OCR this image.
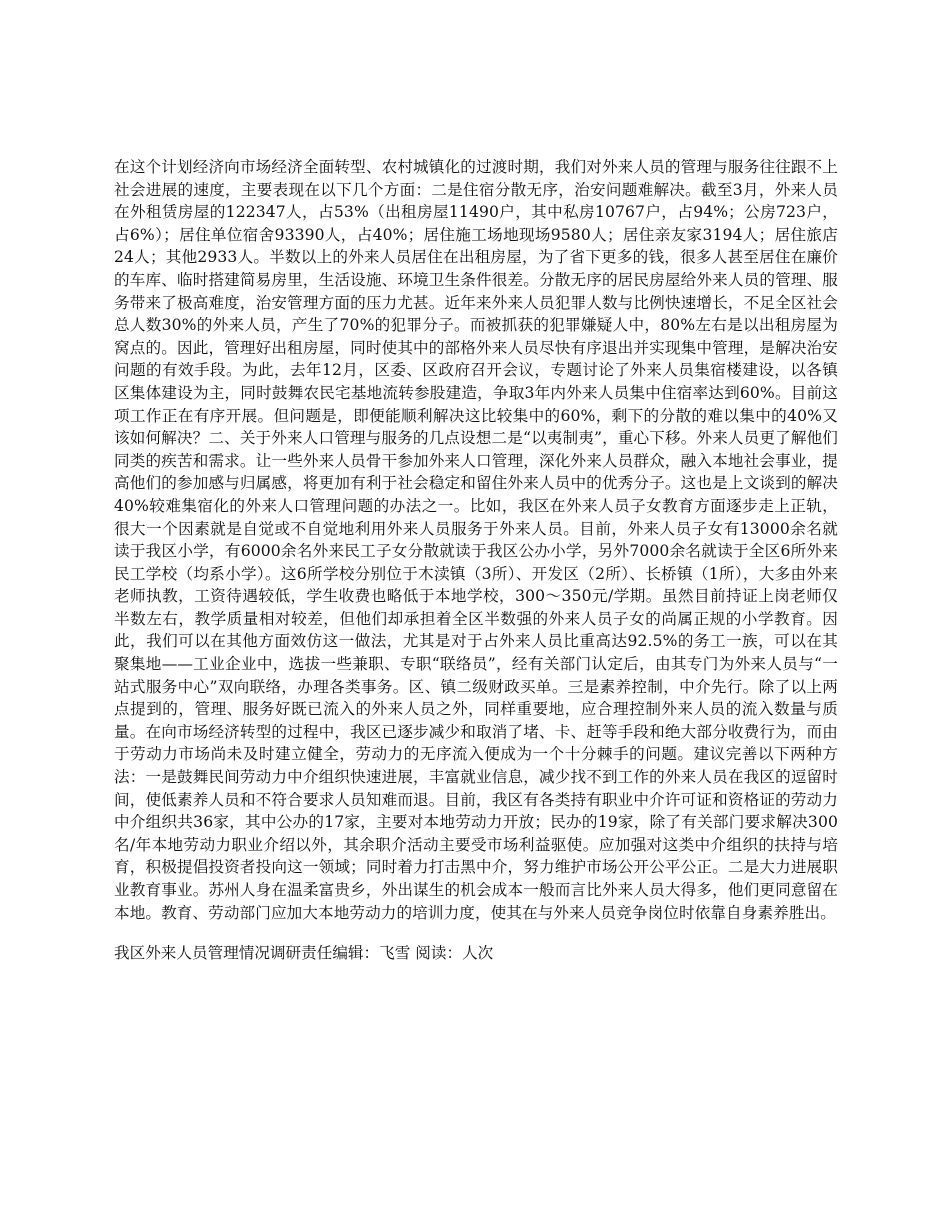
在这个计划经济向市场经济全面转型、农村城镇化的过渡时期，我们对外来人员的管理与服务往往跟不上社会进展的速度，主要表现在以下几个方面：二是住宿分散无序，治安问题难解决。截至3月，外来人员在外租赁房屋的122347人，占53%（出租房屋11490户，其中私房10767户，占94%；公房723户，占6%）；居住单位宿舍93390人，占40%；居住施工场地现场9580人；居住亲友家3194人；居住旅店24人；其他2933人。半数以上的外来人员居住在出租房屋，为了省下更多的钱，很多人甚至居住在廉价的车库、临时搭建简易房里，生活设施、环境卫生条件很差。分散无序的居民房屋给外来人员的管理、服务带来了极高难度，治安管理方面的压力尤甚。近年来外来人员犯罪人数与比例快速增长，不足全区社会总人数30%的外来人员，产生了70%的犯罪分子。而被抓获的犯罪嫌疑人中，80%左右是以出租房屋为窝点的。因此，管理好出租房屋，同时使其中的部格外来人员尽快有序退出并实现集中管理，是解决治安问题的有效手段。为此，去年12月，区委、区政府召开会议，专题讨论了外来人员集宿楼建设，以各镇区集体建设为主，同时鼓舞农民宅基地流转参股建造，争取3年内外来人员集中住宿率达到60%。目前这项工作正在有序开展。但问题是，即便能顺利解决这比较集中的60%，剩下的分散的难以集中的40%又该如何解决？二、关于外来人口管理与服务的几点设想二是“以夷制夷”，重心下移。外来人员更了解他们同类的疾苦和需求。让一些外来人员骨干参加外来人口管理，深化外来人员群众，融入本地社会事业，提高他们的参加感与归属感，将更加有利于社会稳定和留住外来人员中的优秀分子。这也是上文谈到的解决40%较难集宿化的外来人口管理问题的办法之一。比如，我区在外来人员子女教育方面逐步走上正轨，很大一个因素就是自觉或不自觉地利用外来人员服务于外来人员。目前，外来人员子女有13000余名就读于我区小学，有6000余名外来民工子女分散就读于我区公办小学，另外7000余名就读于全区6所外来民工学校（均系小学）。这6所学校分别位于木渎镇（3所）、开发区（2所）、长桥镇（1所），大多由外来老师执教，工资待遇较低，学生收费也略低于本地学校，300～350元/学期。虽然目前持证上岗老师仅半数左右，教学质量相对较差，但他们却承担着全区半数强的外来人员子女的尚属正规的小学教育。因此，我们可以在其他方面效仿这一做法，尤其是对于占外来人员比重高达92.5%的务工一族，可以在其聚集地——工业企业中，选拔一些兼职、专职“联络员”，经有关部门认定后，由其专门为外来人员与“一站式服务中心”双向联络，办理各类事务。区、镇二级财政买单。三是素养控制，中介先行。除了以上两点提到的，管理、服务好既已流入的外来人员之外，同样重要地，应合理控制外来人员的流入数量与质量。在向市场经济转型的过程中，我区已逐步减少和取消了堵、卡、赶等手段和绝大部分收费行为，而由于劳动力市场尚未及时建立健全，劳动力的无序流入便成为一个十分棘手的问题。建议完善以下两种方法：一是鼓舞民间劳动力中介组织快速进展，丰富就业信息，减少找不到工作的外来人员在我区的逗留时间，使低素养人员和不符合要求人员知难而退。目前，我区有各类持有职业中介许可证和资格证的劳动力中介组织共36家，其中公办的17家，主要对本地劳动力开放；民办的19家，除了有关部门要求解决300名/年本地劳动力职业介绍以外，其余职介活动主要受市场利益驱使。应加强对这类中介组织的扶持与培育，积极提倡投资者投向这一领域；同时着力打击黑中介，努力维护市场公开公平公正。二是大力进展职业教育事业。苏州人身在温柔富贵乡，外出谋生的机会成本一般而言比外来人员大得多，他们更同意留在本地。教育、劳动部门应加大本地劳动力的培训力度，使其在与外来人员竞争岗位时依靠自身素养胜出。

我区外来人员管理情况调研责任编辑：飞雪 阅读：人次
